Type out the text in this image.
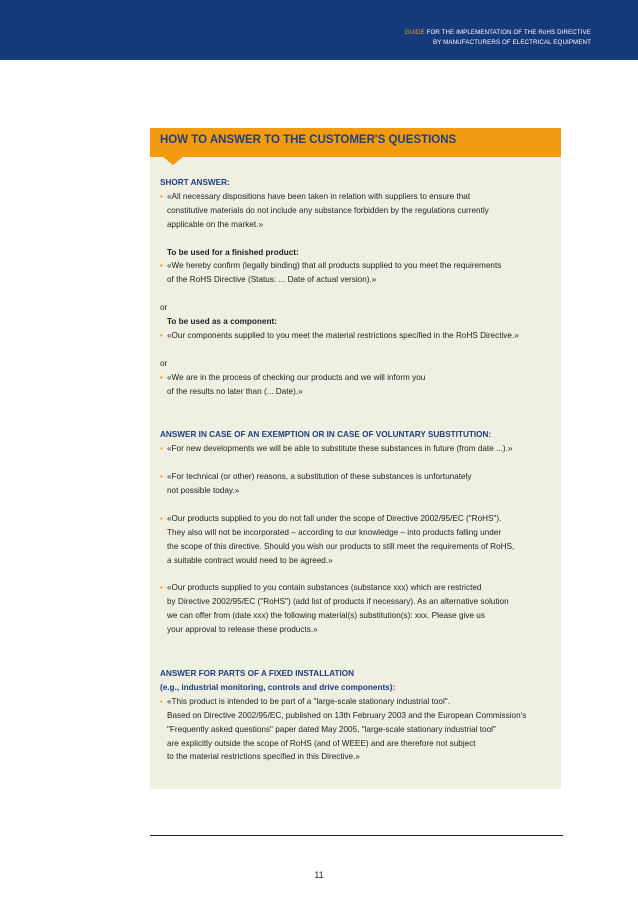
GUIDE FOR THE IMPLEMENTATION OF THE RoHS DIRECTIVE
BY MANUFACTURERS OF ELECTRICAL EQUIPMENT
HOW TO ANSWER TO THE CUSTOMER'S QUESTIONS
SHORT ANSWER:
• «All necessary dispositions have been taken in relation with suppliers to ensure that
constitutive materials do not include any substance forbidden by the regulations currently
applicable on the market.»
To be used for a finished product:
• «We hereby confirm (legally binding) that all products supplied to you meet the requirements
of the RoHS Directive (Status: ... Date of actual version).»
or
To be used as a component:
• «Our components supplied to you meet the material restrictions specified in the RoHS Directive.»
or
• «We are in the process of checking our products and we will inform you
of the results no later than (... Date).»
ANSWER IN CASE OF AN EXEMPTION OR IN CASE OF VOLUNTARY SUBSTITUTION:
• «For new developments we will be able to substitute these substances in future (from date ...).»
• «For technical (or other) reasons, a substitution of these substances is unfortunately
not possible today.»
• «Our products supplied to you do not fall under the scope of Directive 2002/95/EC ("RoHS").
They also will not be incorporated – according to our knowledge – into products falling under
the scope of this directive. Should you wish our products to still meet the requirements of RoHS,
a suitable contract would need to be agreed.»
• «Our products supplied to you contain substances (substance xxx) which are restricted
by Directive 2002/95/EC ("RoHS") (add list of products if necessary). As an alternative solution
we can offer from (date xxx) the following material(s) substitution(s): xxx. Please give us
your approval to release these products.»
ANSWER FOR PARTS OF A FIXED INSTALLATION
(e.g., industrial monitoring, controls and drive components):
• «This product is intended to be part of a "large-scale stationary industrial tool".
Based on Directive 2002/95/EC, published on 13th February 2003 and the European Commission's
"Frequently asked questions" paper dated May 2005, "large-scale stationary industrial tool"
are explicitly outside the scope of RoHS (and of WEEE) and are therefore not subject
to the material restrictions specified in this Directive.»
11
